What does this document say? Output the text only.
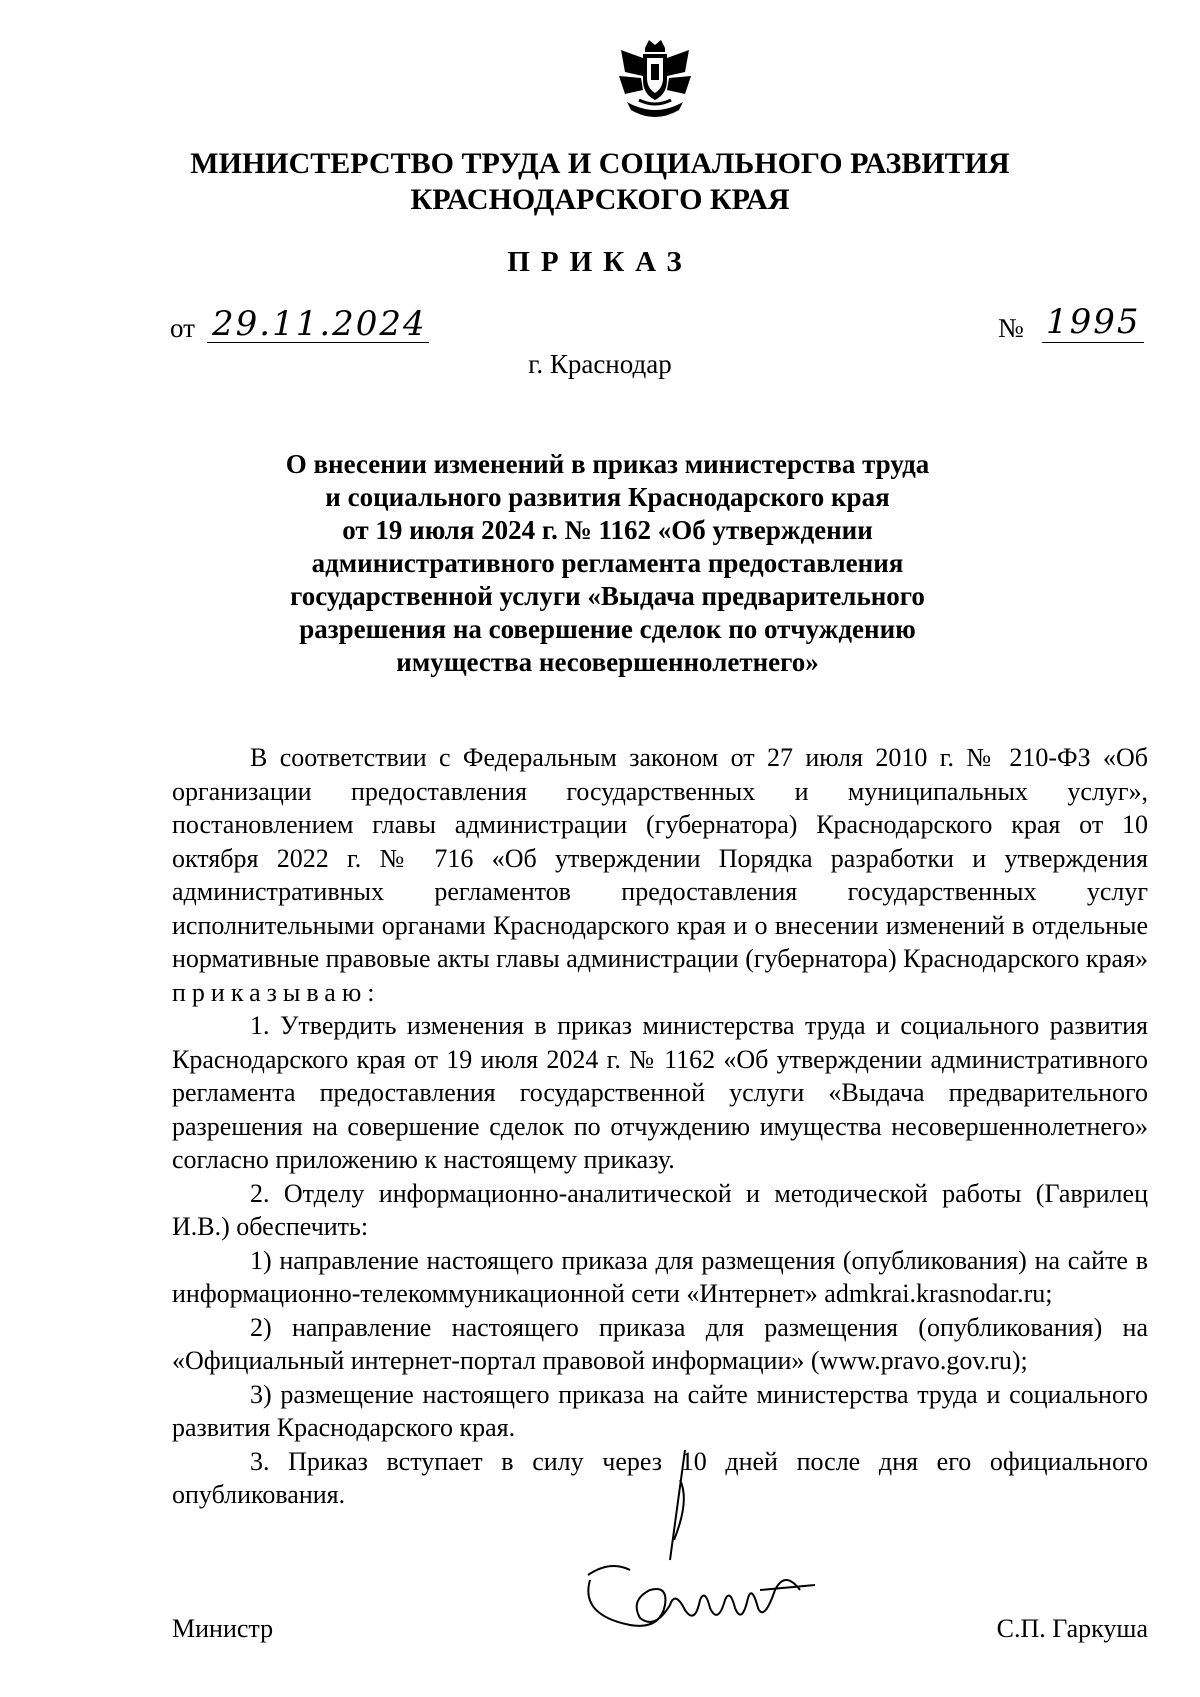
МИНИСТЕРСТВО ТРУДА И СОЦИАЛЬНОГО РАЗВИТИЯ
КРАСНОДАРСКОГО КРАЯ
ПРИКАЗ
от 29.11.2024	№ 1995
г. Краснодар
О внесении изменений в приказ министерства труда
и социального развития Краснодарского края
от 19 июля 2024 г. № 1162 «Об утверждении
административного регламента предоставления
государственной услуги «Выдача предварительного
разрешения на совершение сделок по отчуждению
имущества несовершеннолетнего»

В соответствии с Федеральным законом от 27 июля 2010 г. № 210-ФЗ «Об организации предоставления государственных и муниципальных услуг», постановлением главы администрации (губернатора) Краснодарского края от 10 октября 2022 г. № 716 «Об утверждении Порядка разработки и утверждения административных регламентов предоставления государственных услуг исполнительными органами Краснодарского края и о внесении изменений в отдельные нормативные правовые акты главы администрации (губернатора) Краснодарского края» приказываю:

1. Утвердить изменения в приказ министерства труда и социального развития Краснодарского края от 19 июля 2024 г. № 1162 «Об утверждении административного регламента предоставления государственной услуги «Выдача предварительного разрешения на совершение сделок по отчуждению имущества несовершеннолетнего» согласно приложению к настоящему приказу.

2. Отделу информационно-аналитической и методической работы (Гаврилец И.В.) обеспечить:

1) направление настоящего приказа для размещения (опубликования) на сайте в информационно-телекоммуникационной сети «Интернет» admkrai.krasnodar.ru;

2) направление настоящего приказа для размещения (опубликования) на «Официальный интернет-портал правовой информации» (www.pravo.gov.ru);

3) размещение настоящего приказа на сайте министерства труда и социального развития Краснодарского края.

3. Приказ вступает в силу через 10 дней после дня его официального опубликования.

Министр	С.П. Гаркуша
